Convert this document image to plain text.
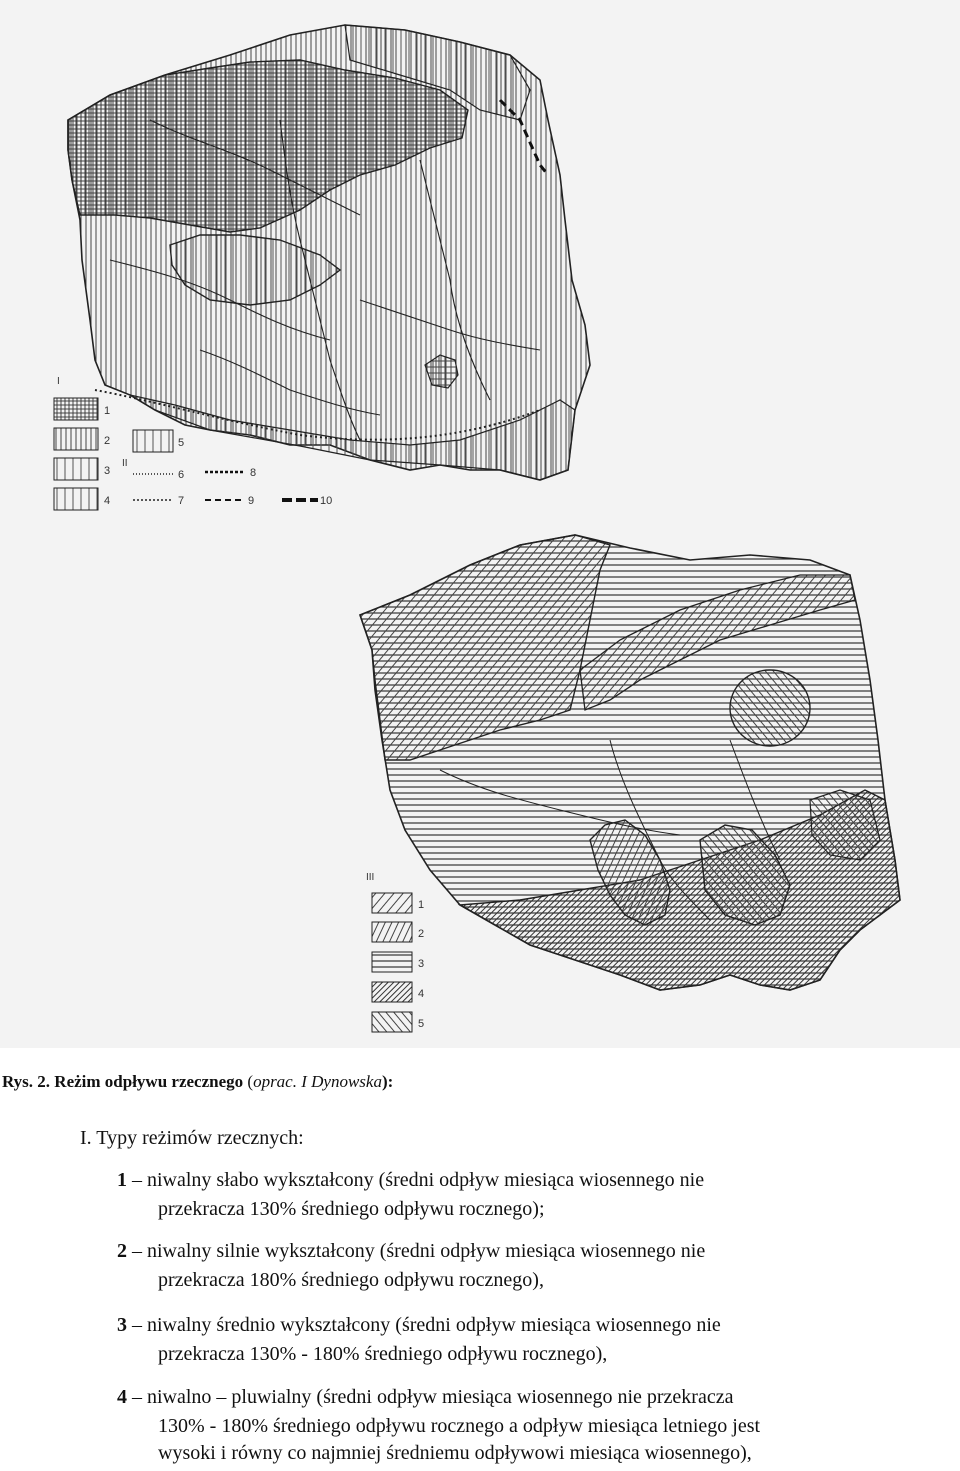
I
II
1
2
3
4
5
6
7
8
9	10
III
1
2
3
4
5
Rys. 2. Reżim odpływu rzecznego (oprac. I Dynowska):
I. Typy reżimów rzecznych:
1 – niwalny słabo wykształcony (średni odpływ miesiąca wiosennego nie
przekracza 130% średniego odpływu rocznego);
2 – niwalny silnie wykształcony (średni odpływ miesiąca wiosennego nie
przekracza 180% średniego odpływu rocznego),
3 – niwalny średnio wykształcony (średni odpływ miesiąca wiosennego nie
przekracza 130% - 180% średniego odpływu rocznego),
4 – niwalno – pluwialny (średni odpływ miesiąca wiosennego nie przekracza
130% - 180% średniego odpływu rocznego a odpływ miesiąca letniego jest
wysoki i równy co najmniej średniemu odpływowi miesiąca wiosennego),
